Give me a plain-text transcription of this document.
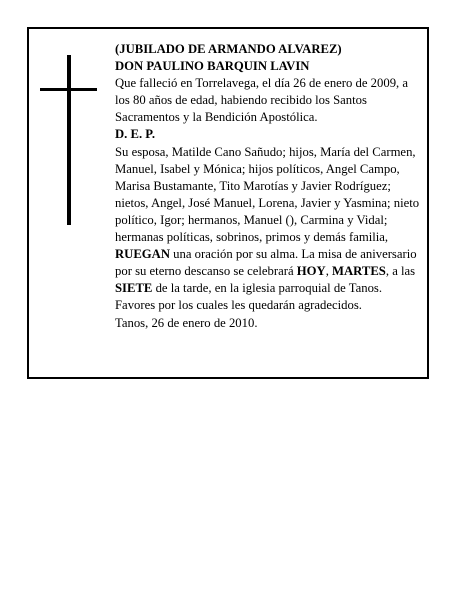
(JUBILADO DE ARMANDO ALVAREZ)

DON PAULINO BARQUIN LAVIN

Que falleció en Torrelavega, el día 26 de enero de 2009, a los 80 años de edad, habiendo recibido los Santos Sacramentos y la Bendición Apostólica.

D. E. P.

Su esposa, Matilde Cano Sañudo; hijos, María del Carmen, Manuel, Isabel y Mónica; hijos políticos, Angel Campo, Marisa Bustamante, Tito Marotías y Javier Rodríguez; nietos, Angel, José Manuel, Lorena, Javier y Yasmina; nieto político, Igor; hermanos, Manuel (), Carmina y Vidal; hermanas políticas, sobrinos, primos y demás familia,

RUEGAN una oración por su alma. La misa de aniversario por su eterno descanso se celebrará HOY, MARTES, a las SIETE de la tarde, en la iglesia parroquial de Tanos. Favores por los cuales les quedarán agradecidos.

Tanos, 26 de enero de 2010.
